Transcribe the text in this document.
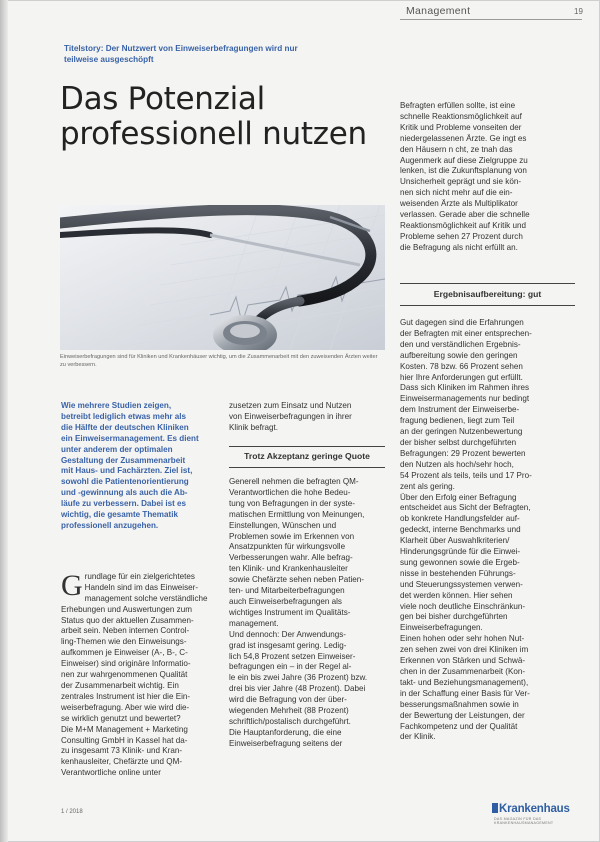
Management	19
Titelstory: Der Nutzwert von Einweiserbefragungen wird nur teilweise ausgeschöpft
Das Potenzial
professionell nutzen
Einweiserbefragungen sind für Kliniken und Krankenhäuser wichtig, um die Zusammenarbeit mit den zuweisenden Ärzten weiter zu verbessern.
Wie mehrere Studien zeigen,
betreibt lediglich etwas mehr als
die Hälfte der deutschen Kliniken
ein Einweisermanagement. Es dient
unter anderem der optimalen
Gestaltung der Zusammenarbeit
mit Haus- und Fachärzten. Ziel ist,
sowohl die Patientenorientierung
und -gewinnung als auch die Ab-
läufe zu verbessern. Dabei ist es
wichtig, die gesamte Thematik
professionell anzugehen.

Grundlage für ein zielgerichtetes
Handeln sind im das Einweiser-
management solche verständliche
Erhebungen und Auswertungen zum
Status quo der aktuellen Zusammen-
arbeit sein. Neben internen Control-
ling-Themen wie den Einweisungs-
aufkommen je Einweiser (A-, B-, C-
Einweiser) sind originäre Informatio-
nen zur wahrgenommenen Qualität
der Zusammenarbeit wichtig. Ein
zentrales Instrument ist hier die Ein-
weiserbefragung. Aber wie wird die-
se wirklich genutzt und bewertet?
Die M+M Management + Marketing
Consulting GmbH in Kassel hat da-
zu insgesamt 73 Klinik- und Kran-
kenhausleiter, Chefärzte und QM-
Verantwortliche online unter

zusetzen zum Einsatz und Nutzen
von Einweiserbefragungen in ihrer
Klinik befragt.
Trotz Akzeptanz geringe Quote
Generell nehmen die befragten QM-
Verantwortlichen die hohe Bedeu-
tung von Befragungen in der syste-
matischen Ermittlung von Meinungen,
Einstellungen, Wünschen und
Problemen sowie im Erkennen von
Ansatzpunkten für wirkungsvolle
Verbesserungen wahr. Alle befrag-
ten Klinik- und Krankenhausleiter
sowie Chefärzte sehen neben Patien-
ten- und Mitarbeiterbefragungen
auch Einweiserbefragungen als
wichtiges Instrument im Qualitäts-
management.
Und dennoch: Der Anwendungs-
grad ist insgesamt gering. Ledig-
lich 54,8 Prozent setzen Einweiser-
befragungen ein – in der Regel al-
le ein bis zwei Jahre (36 Prozent) bzw.
drei bis vier Jahre (48 Prozent). Dabei
wird die Befragung von der über-
wiegenden Mehrheit (88 Prozent)
schriftlich/postalisch durchgeführt.
Die Hauptanforderung, die eine
Einweiserbefragung seitens der
Befragten erfüllen sollte, ist eine
schnelle Reaktionsmöglichkeit auf
Kritik und Probleme vonseiten der
niedergelassenen Ärzte. Ge ingt es
den Häusern n cht, ze tnah das
Augenmerk auf diese Zielgruppe zu
lenken, ist die Zukunftsplanung von
Unsicherheit geprägt und sie kön-
nen sich nicht mehr auf die ein-
weisenden Ärzte als Multiplikator
verlassen. Gerade aber die schnelle
Reaktionsmöglichkeit auf Kritik und
Probleme sehen 27 Prozent durch
die Befragung als nicht erfüllt an.
Ergebnisaufbereitung: gut
Gut dagegen sind die Erfahrungen
der Befragten mit einer entsprechen-
den und verständlichen Ergebnis-
aufbereitung sowie den geringen
Kosten. 78 bzw. 66 Prozent sehen
hier Ihre Anforderungen gut erfüllt.
Dass sich Kliniken im Rahmen ihres
Einweisermanagements nur bedingt
dem Instrument der Einweiserbe-
fragung bedienen, liegt zum Teil
an der geringen Nutzenbewertung
der bisher selbst durchgeführten
Befragungen: 29 Prozent bewerten
den Nutzen als hoch/sehr hoch,
54 Prozent als teils, teils und 17 Pro-
zent als gering.
Über den Erfolg einer Befragung
entscheidet aus Sicht der Befragten,
ob konkrete Handlungsfelder auf-
gedeckt, interne Benchmarks und
Klarheit über Auswahlkriterien/
Hinderungsgründe für die Einwei-
sung gewonnen sowie die Ergeb-
nisse in bestehenden Führungs-
und Steuerungssystemen verwen-
det werden können. Hier sehen
viele noch deutliche Einschränkun-
gen bei bisher durchgeführten
Einweiserbefragungen.
Einen hohen oder sehr hohen Nut-
zen sehen zwei von drei Kliniken im
Erkennen von Stärken und Schwä-
chen in der Zusammenarbeit (Kon-
takt- und Beziehungsmanagement),
in der Schaffung einer Basis für Ver-
besserungsmaßnahmen sowie in
der Bewertung der Leistungen, der
Fachkompetenz und der Qualität
der Klinik.
1 / 2018	Krankenhaus
DAS MAGAZIN FÜR DAS KRANKENHAUSMANAGEMENT
